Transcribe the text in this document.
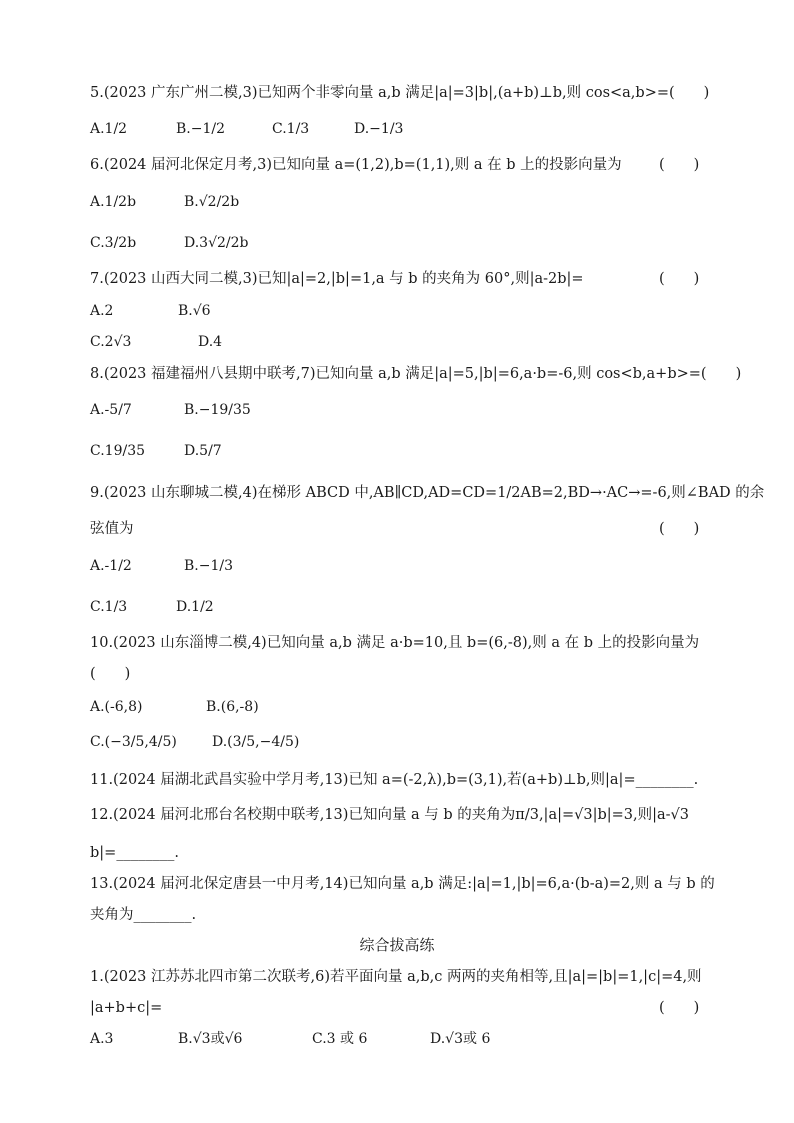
5.(2023 广东广州二模,3)已知两个非零向量 a,b 满足|a|=3|b|,(a+b)⊥b,则 cos<a,b>=(　　)
A.1/2	B.−1/2	C.1/3	D.−1/3
6.(2024 届河北保定月考,3)已知向量 a=(1,2),b=(1,1),则 a 在 b 上的投影向量为	(　　)
A.1/2b	B.√2/2b
C.3/2b	D.3√2/2b
7.(2023 山西大同二模,3)已知|a|=2,|b|=1,a 与 b 的夹角为 60°,则|a-2b|=	(　　)
A.2	B.√6
C.2√3	D.4
8.(2023 福建福州八县期中联考,7)已知向量 a,b 满足|a|=5,|b|=6,a·b=-6,则 cos<b,a+b>=(　　)
A.-5/7	B.−19/35
C.19/35	D.5/7
9.(2023 山东聊城二模,4)在梯形 ABCD 中,AB∥CD,AD=CD=1/2AB=2,BD→·AC→=-6,则∠BAD 的余
弦值为	(　　)
A.-1/2	B.−1/3
C.1/3	D.1/2
10.(2023 山东淄博二模,4)已知向量 a,b 满足 a·b=10,且 b=(6,-8),则 a 在 b 上的投影向量为
(　　)
A.(-6,8)	B.(6,-8)
C.(−3/5,4/5)	D.(3/5,−4/5)
11.(2024 届湖北武昌实验中学月考,13)已知 a=(-2,λ),b=(3,1),若(a+b)⊥b,则|a|=________.
12.(2024 届河北邢台名校期中联考,13)已知向量 a 与 b 的夹角为π/3,|a|=√3|b|=3,则|a-√3
b|=________.
13.(2024 届河北保定唐县一中月考,14)已知向量 a,b 满足:|a|=1,|b|=6,a·(b-a)=2,则 a 与 b 的
夹角为________.
综合拔高练
1.(2023 江苏苏北四市第二次联考,6)若平面向量 a,b,c 两两的夹角相等,且|a|=|b|=1,|c|=4,则
|a+b+c|=	(　　)
A.3	B.√3或√6	C.3 或 6	D.√3或 6
